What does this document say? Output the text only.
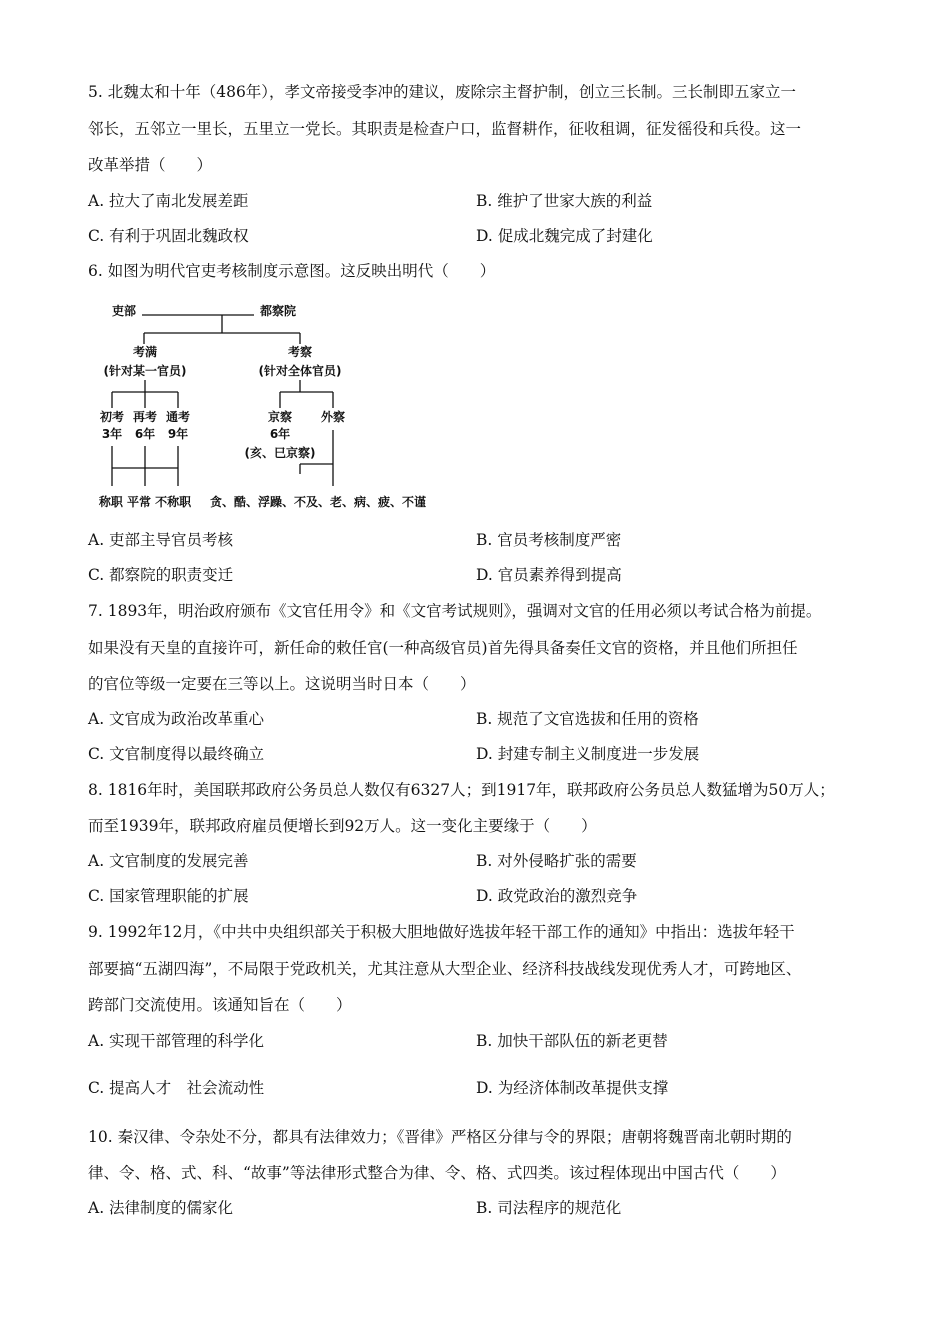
5. 北魏太和十年（486年），孝文帝接受李冲的建议，废除宗主督护制，创立三长制。三长制即五家立一
邻长，五邻立一里长，五里立一党长。其职责是检查户口，监督耕作，征收租调，征发徭役和兵役。这一
改革举措（　　）
A. 拉大了南北发展差距	B. 维护了世家大族的利益
C. 有利于巩固北魏政权	D. 促成北魏完成了封建化
6. 如图为明代官吏考核制度示意图。这反映出明代（　　）
吏部	都察院
考满
(针对某一官员)
初考 再考 通考
3年 6年 9年
称职 平常 不称职
考察
(针对全体官员)
京察 外察
6年
(亥、巳京察)
贪、酷、浮躁、不及、老、病、疲、不谨
A. 吏部主导官员考核	B. 官员考核制度严密
C. 都察院的职责变迁	D. 官员素养得到提高
7. 1893年，明治政府颁布《文官任用令》和《文官考试规则》，强调对文官的任用必须以考试合格为前提。
如果没有天皇的直接许可，新任命的敕任官(一种高级官员)首先得具备奏任文官的资格，并且他们所担任
的官位等级一定要在三等以上。这说明当时日本（　　）
A. 文官成为政治改革重心	B. 规范了文官选拔和任用的资格
C. 文官制度得以最终确立	D. 封建专制主义制度进一步发展
8. 1816年时，美国联邦政府公务员总人数仅有6327人；到1917年，联邦政府公务员总人数猛增为50万人；
而至1939年，联邦政府雇员便增长到92万人。这一变化主要缘于（　　）
A. 文官制度的发展完善	B. 对外侵略扩张的需要
C. 国家管理职能的扩展	D. 政党政治的激烈竞争
9. 1992年12月，《中共中央组织部关于积极大胆地做好选拔年轻干部工作的通知》中指出：选拔年轻干
部要搞“五湖四海”，不局限于党政机关，尤其注意从大型企业、经济科技战线发现优秀人才，可跨地区、
跨部门交流使用。该通知旨在（　　）
A. 实现干部管理的科学化	B. 加快干部队伍的新老更替
C. 提高人才　社会流动性	D. 为经济体制改革提供支撑
10. 秦汉律、令杂处不分，都具有法律效力；《晋律》严格区分律与令的界限；唐朝将魏晋南北朝时期的
律、令、格、式、科、“故事”等法律形式整合为律、令、格、式四类。该过程体现出中国古代（　　）
A. 法律制度的儒家化	B. 司法程序的规范化
